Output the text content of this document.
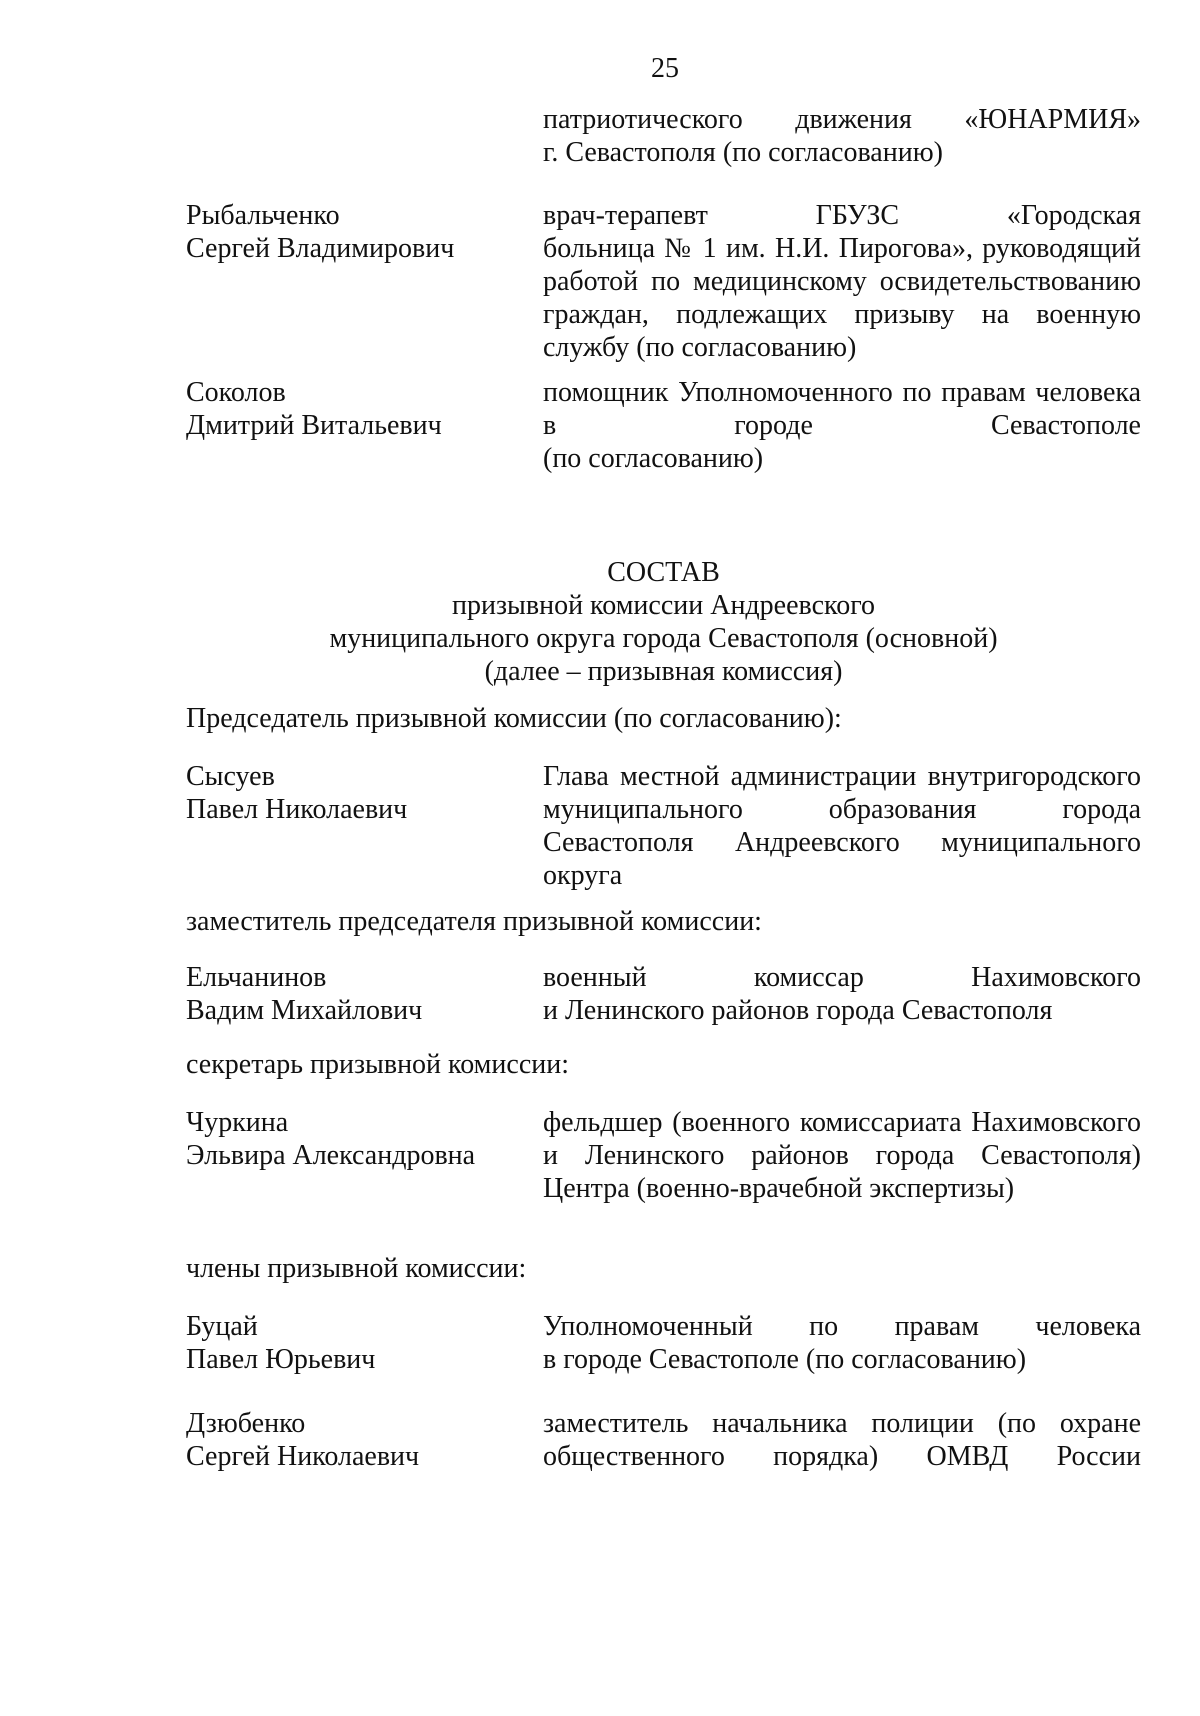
25
патриотического движения «ЮНАРМИЯ»
г. Севастополя (по согласованию)
Рыбальченко
Сергей Владимирович
врач-терапевт ГБУЗС «Городская
больница № 1 им. Н.И. Пирогова», руководящий
работой по медицинскому освидетельствованию
граждан, подлежащих призыву на военную
службу (по согласованию)
Соколов
Дмитрий Витальевич
помощник Уполномоченного по правам человека
в городе Севастополе
(по согласованию)
СОСТАВ
призывной комиссии Андреевского
муниципального округа города Севастополя (основной)
(далее – призывная комиссия)
Председатель призывной комиссии (по согласованию):
Сысуев
Павел Николаевич
Глава местной администрации внутригородского
муниципального образования города
Севастополя Андреевского муниципального
округа
заместитель председателя призывной комиссии:
Ельчанинов
Вадим Михайлович
военный комиссар Нахимовского
и Ленинского районов города Севастополя
секретарь призывной комиссии:
Чуркина
Эльвира Александровна
фельдшер (военного комиссариата Нахимовского
и Ленинского районов города Севастополя)
Центра (военно-врачебной экспертизы)
члены призывной комиссии:
Буцай
Павел Юрьевич
Уполномоченный по правам человека
в городе Севастополе (по согласованию)
Дзюбенко
Сергей Николаевич
заместитель начальника полиции (по охране
общественного порядка) ОМВД России
